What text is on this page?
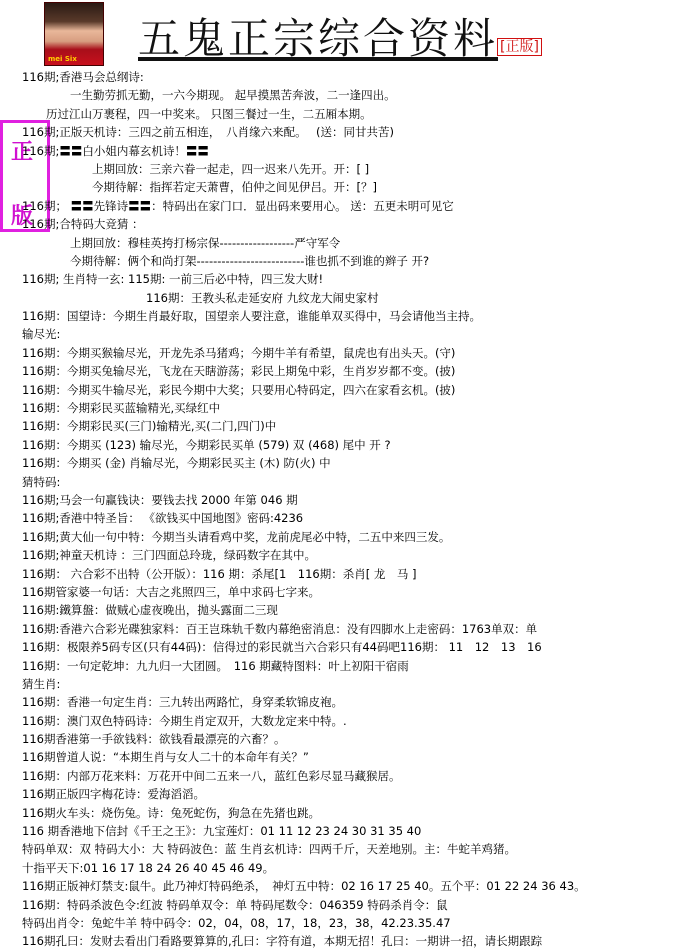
mei Six 五鬼正宗综合资料 [正版]
正
版
116期;香港马会总纲诗:
一生勤劳抓无勤，一六今期现。 起早摸黑苦奔波，二一逢四出。
历过江山万裹程，四一中奖来。 只图三餐过一生，二五厢本期。
116期;正版天机诗：三四之前五相连，　八肖缘六来配。　 (送：同甘共苦)
116期;〓〓白小姐内幕玄机诗！〓〓
上期回放：三亲六眷一起走，四一迟来八先开。开：[ ]
今期待解：指挥若定天萧曹，伯仲之间见伊吕。开：[？]
116期； 〓〓先锋诗〓〓：特码出在家门口．显出码来要用心。 送：五更未明可见它
116期;合特码大竞猜 ：
上期回放：穆桂英挎打杨宗保------------------严守军令
今期待解：俩个和尚打架--------------------------谁也抓不到谁的辫子 开?
116期; 生肖特一玄: 115期: 一前三后必中特，四三发大财!
116期：王教头私走延安府 九纹龙大闹史家村
116期：国望诗：今期生肖最好取，国望亲人要注意，谁能单双买得中，马会请他当主持。
输尽光:
116期：今期买猴输尽光，开龙先杀马猪鸡；今期牛羊有希望，鼠虎也有出头天。(守)
116期：今期买兔输尽光，飞龙在天瞎游荡；彩民上期兔中彩，生肖岁岁都不变。(披)
116期：今期买牛输尽光，彩民今期中大奖；只要用心特码定，四六在家看玄机。(披)
116期：今期彩民买蓝输精光,买绿红中
116期：今期彩民买(三门)输精光,买(二门,四门)中
116期：今期买 (123) 输尽光，今期彩民买单 (579) 双 (468) 尾中 开 ?
116期：今期买 (金) 肖输尽光，今期彩民买主 (木) 防(火) 中
猜特码:
116期;马会一句赢钱诀：要钱去找 2000 年第 046 期
116期;香港中特圣旨： 《欲钱买中国地图》密码:4236
116期;黄大仙一句中特：今期当头请看鸡中奖，龙前虎尾必中特，二五中来四三发。
116期;神童天机诗 ：三门四面总玲珑，绿码数字在其中。
116期： 六合彩不出特（公开版）：116 期：杀尾[1　116期：杀肖[ 龙　马 ]
116期管家婆一句话：大吉之兆照四三，单中求码七字来。
116期:鐵算盤：做贼心虚夜晚出，抛头露面二三现
116期:香港六合彩光碟独家料：百王岂珠轨千数内幕绝密消息：没有四脚水上走密码：1763单双：单
116期：极限养5码专区(只有44码)：信得过的彩民就当六合彩只有44码吧116期： 11　12　13　16
116期：一句定乾坤：九九归一大团圆。　116 期藏特图料：叶上初阳干宿雨
猜生肖:
116期：香港一句定生肖：三九转出两路忙，身穿柔软锦皮袍。
116期：澳门双色特码诗：今期生肖定双开，大数龙定来中特。.
116期香港第一手欲钱料：欲钱看最漂亮的六畜？。
116期曾道人说：“本期生肖与女人二十的本命年有关？”
116期：内部万花来料：万花开中间二五来一八，蓝红色彩尽显马藏猴居。
116期正版四字梅花诗：爱海滔滔。
116期火车头：烧伤兔。诗：兔死蛇伤，狗急在先猪也跳。
116 期香港地下信封《千王之王》：九宝莲灯：01 11 12 23 24 30 31 35 40
特码单双：双 特码大小：大 特码波色：蓝 生肖玄机诗：四两千斤，天差地别。主：牛蛇羊鸡猪。
十指平天下:01 16 17 18 24 26 40 45 46 49。
116期正版神灯禁支:鼠牛。此乃神灯特码绝杀，　神灯五中特：02 16 17 25 40。五个平：01 22 24 36 43。
116期：特码杀波色令:红波 特码单双令：单 特码尾数令：046359 特码杀肖令：鼠
特码出肖令：兔蛇牛羊 特中码令：02，04，08，17，18，23，38，42.23.35.47
116期孔曰：发财去看出门看路要算算的,孔曰：字符有道，本期无招！孔曰：一期讲一招，请长期跟踪
